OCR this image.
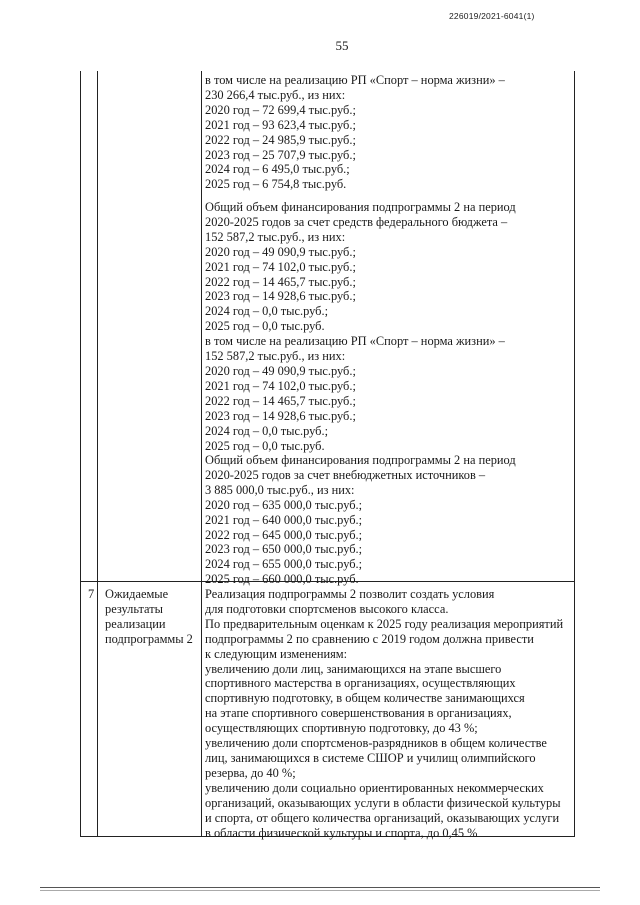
226019/2021-6041(1)
55
в том числе на реализацию РП «Спорт – норма жизни» –
230 266,4 тыс.руб., из них:
2020 год – 72 699,4 тыс.руб.;
2021 год – 93 623,4 тыс.руб.;
2022 год – 24 985,9 тыс.руб.;
2023 год – 25 707,9 тыс.руб.;
2024 год – 6 495,0 тыс.руб.;
2025 год – 6 754,8 тыс.руб.
Общий объем финансирования подпрограммы 2 на период
2020-2025 годов за счет средств федерального бюджета –
152 587,2 тыс.руб., из них:
2020 год – 49 090,9 тыс.руб.;
2021 год – 74 102,0 тыс.руб.;
2022 год – 14 465,7 тыс.руб.;
2023 год – 14 928,6 тыс.руб.;
2024 год – 0,0 тыс.руб.;
2025 год – 0,0 тыс.руб.
в том числе на реализацию РП «Спорт – норма жизни» –
152 587,2 тыс.руб., из них:
2020 год – 49 090,9 тыс.руб.;
2021 год – 74 102,0 тыс.руб.;
2022 год – 14 465,7 тыс.руб.;
2023 год – 14 928,6 тыс.руб.;
2024 год – 0,0 тыс.руб.;
2025 год – 0,0 тыс.руб.
Общий объем финансирования подпрограммы 2 на период
2020-2025 годов за счет внебюджетных источников –
3 885 000,0 тыс.руб., из них:
2020 год – 635 000,0 тыс.руб.;
2021 год – 640 000,0 тыс.руб.;
2022 год – 645 000,0 тыс.руб.;
2023 год – 650 000,0 тыс.руб.;
2024 год – 655 000,0 тыс.руб.;
2025 год – 660 000,0 тыс.руб.
7 Ожидаемые
результаты
реализации
подпрограммы 2
Реализация подпрограммы 2 позволит создать условия
для подготовки спортсменов высокого класса.
По предварительным оценкам к 2025 году реализация мероприятий
подпрограммы 2 по сравнению с 2019 годом должна привести
к следующим изменениям:
увеличению доли лиц, занимающихся на этапе высшего
спортивного мастерства в организациях, осуществляющих
спортивную подготовку, в общем количестве занимающихся
на этапе спортивного совершенствования в организациях,
осуществляющих спортивную подготовку, до 43 %;
увеличению доли спортсменов-разрядников в общем количестве
лиц, занимающихся в системе СШОР и училищ олимпийского
резерва, до 40 %;
увеличению доли социально ориентированных некоммерческих
организаций, оказывающих услуги в области физической культуры
и спорта, от общего количества организаций, оказывающих услуги
в области физической культуры и спорта, до 0,45 %
